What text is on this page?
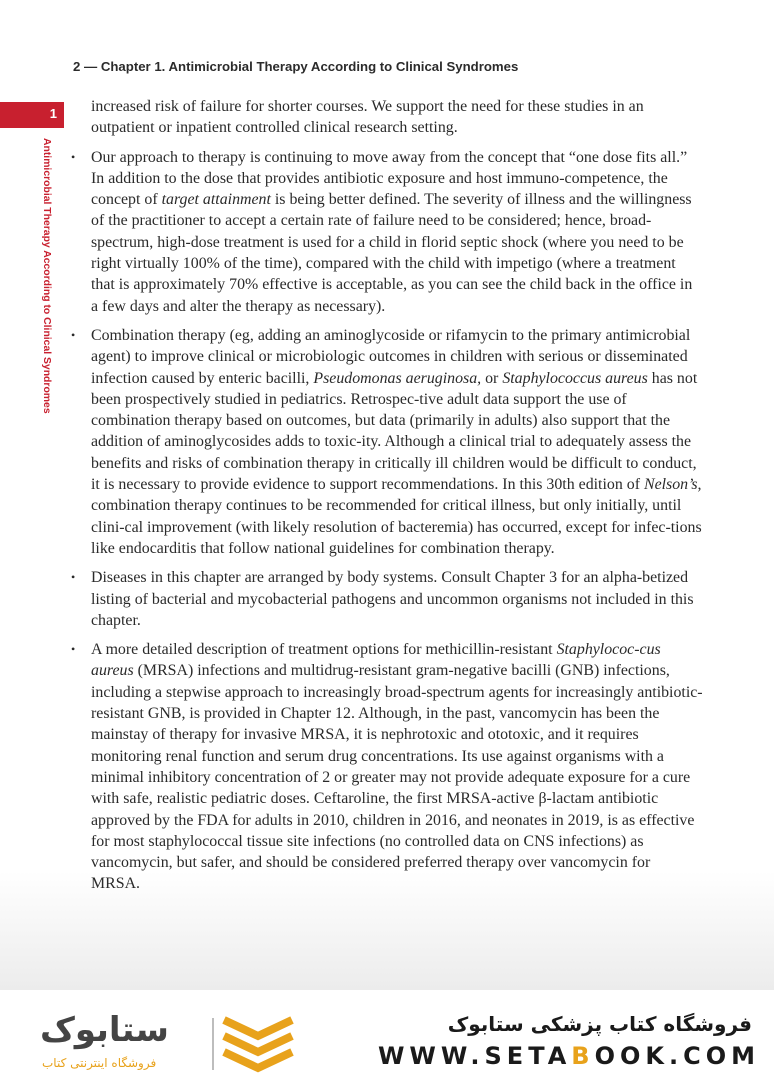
2 — Chapter 1. Antimicrobial Therapy According to Clinical Syndromes
1
Antimicrobial Therapy According to Clinical Syndromes

increased risk of failure for shorter courses. We support the need for these studies in an outpatient or inpatient controlled clinical research setting.

• Our approach to therapy is continuing to move away from the concept that “one dose fits all.” In addition to the dose that provides antibiotic exposure and host immuno-competence, the concept of target attainment is being better defined. The severity of illness and the willingness of the practitioner to accept a certain rate of failure need to be considered; hence, broad-spectrum, high-dose treatment is used for a child in florid septic shock (where you need to be right virtually 100% of the time), compared with the child with impetigo (where a treatment that is approximately 70% effective is acceptable, as you can see the child back in the office in a few days and alter the therapy as necessary).

• Combination therapy (eg, adding an aminoglycoside or rifamycin to the primary antimicrobial agent) to improve clinical or microbiologic outcomes in children with serious or disseminated infection caused by enteric bacilli, Pseudomonas aeruginosa, or Staphylococcus aureus has not been prospectively studied in pediatrics. Retrospec-tive adult data support the use of combination therapy based on outcomes, but data (primarily in adults) also support that the addition of aminoglycosides adds to toxic-ity. Although a clinical trial to adequately assess the benefits and risks of combination therapy in critically ill children would be difficult to conduct, it is necessary to provide evidence to support recommendations. In this 30th edition of Nelson’s, combination therapy continues to be recommended for critical illness, but only initially, until clini-cal improvement (with likely resolution of bacteremia) has occurred, except for infec-tions like endocarditis that follow national guidelines for combination therapy.

• Diseases in this chapter are arranged by body systems. Consult Chapter 3 for an alpha-betized listing of bacterial and mycobacterial pathogens and uncommon organisms not included in this chapter.

• A more detailed description of treatment options for methicillin-resistant Staphylococ-cus aureus (MRSA) infections and multidrug-resistant gram-negative bacilli (GNB) infections, including a stepwise approach to increasingly broad-spectrum agents for increasingly antibiotic-resistant GNB, is provided in Chapter 12. Although, in the past, vancomycin has been the mainstay of therapy for invasive MRSA, it is nephrotoxic and ototoxic, and it requires monitoring renal function and serum drug concentrations. Its use against organisms with a minimal inhibitory concentration of 2 or greater may not provide adequate exposure for a cure with safe, realistic pediatric doses. Ceftaroline, the first MRSA-active β-lactam antibiotic approved by the FDA for adults in 2010, children in 2016, and neonates in 2019, is as effective for most staphylococcal tissue site infections (no controlled data on CNS infections) as vancomycin, but safer, and should be considered preferred therapy over vancomycin for MRSA.

ستابوک
فروشگاه اینترنتی کتاب
فروشگاه کتاب پزشکی ستابوک
WWW.SETABOOK.COM
